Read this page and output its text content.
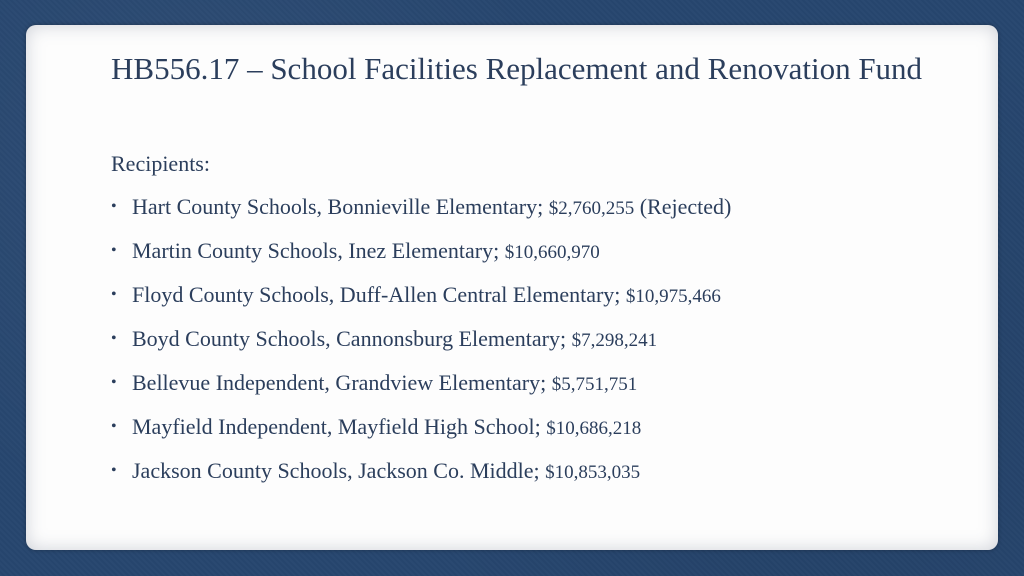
HB556.17 – School Facilities Replacement and Renovation Fund

Recipients:

• Hart County Schools, Bonnieville Elementary; $2,760,255 (Rejected)
• Martin County Schools, Inez Elementary; $10,660,970
• Floyd County Schools, Duff-Allen Central Elementary; $10,975,466
• Boyd County Schools, Cannonsburg Elementary; $7,298,241
• Bellevue Independent, Grandview Elementary; $5,751,751
• Mayfield Independent, Mayfield High School; $10,686,218
• Jackson County Schools, Jackson Co. Middle; $10,853,035
